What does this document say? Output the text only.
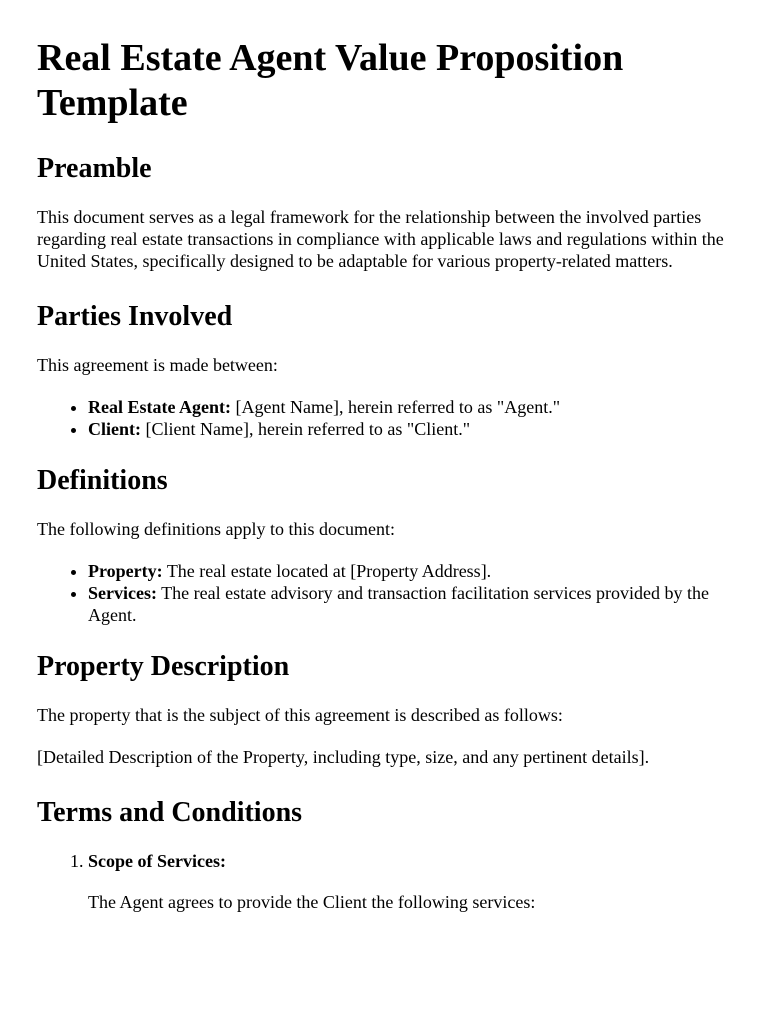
Real Estate Agent Value Proposition Template
Preamble

This document serves as a legal framework for the relationship between the involved parties regarding real estate transactions in compliance with applicable laws and regulations within the United States, specifically designed to be adaptable for various property-related matters.

Parties Involved

This agreement is made between:

• Real Estate Agent: [Agent Name], herein referred to as "Agent."
• Client: [Client Name], herein referred to as "Client."
Definitions

The following definitions apply to this document:

• Property: The real estate located at [Property Address].
• Services: The real estate advisory and transaction facilitation services provided by the Agent.
Property Description

The property that is the subject of this agreement is described as follows:

[Detailed Description of the Property, including type, size, and any pertinent details].

Terms and Conditions
1. Scope of Services:

The Agent agrees to provide the Client the following services:
